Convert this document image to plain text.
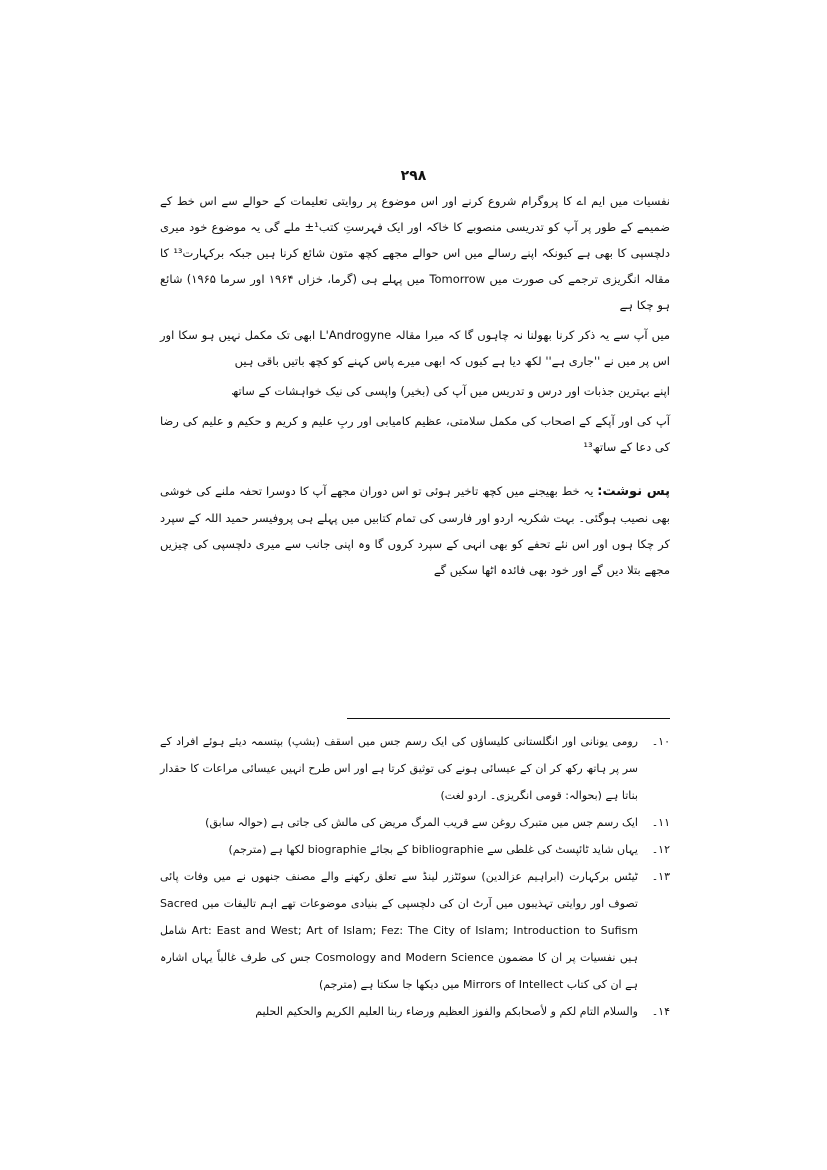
۲۹۸

نفسیات میں ایم اے کا پروگرام شروع کرنے اور اس موضوع پر روایتی تعلیمات کے حوالے سے اس خط کے ضمیمے کے طور پر آپ کو تدریسی منصوبے کا خاکہ اور ایک فہرستِ کتب¹± ملے گی یہ موضوع خود میری دلچسپی کا بھی ہے کیونکہ اپنے رسالے میں اس حوالے مجھے کچھ متون شائع کرنا ہیں جبکہ برکہارت¹³ کا مقالہ انگریزی ترجمے کی صورت میں Tomorrow میں پہلے ہی (گرما، خزاں ۱۹۶۴ اور سرما ۱۹۶۵) شائع ہو چکا ہے

میں آپ سے یہ ذکر کرنا بھولنا نہ چاہوں گا کہ میرا مقالہ L'Androgyne ابھی تک مکمل نہیں ہو سکا اور اس پر میں نے ''جاری ہے'' لکھ دیا ہے کیوں کہ ابھی میرے پاس کہنے کو کچھ باتیں باقی ہیں

اپنے بہترین جذبات اور درس و تدریس میں آپ کی (بخیر) واپسی کی نیک خواہشات کے ساتھ

آپ کی اور آپکے کے اصحاب کی مکمل سلامتی، عظیم کامیابی اور ربِ علیم و کریم و حکیم و علیم کی رضا کی دعا کے ساتھ¹³

پس نوشت: یہ خط بھیجنے میں کچھ تاخیر ہوئی تو اس دوران مجھے آپ کا دوسرا تحفہ ملنے کی خوشی بھی نصیب ہوگئی۔ بہت شکریہ اردو اور فارسی کی تمام کتابیں میں پہلے ہی پروفیسر حمید اللہ کے سپرد کر چکا ہوں اور اس نئے تحفے کو بھی انہی کے سپرد کروں گا وہ اپنی جانب سے میری دلچسپی کی چیزیں مجھے بتلا دیں گے اور خود بھی فائدہ اٹھا سکیں گے
۱۰۔
رومی یونانی اور انگلستانی کلیساؤں کی ایک رسم جس میں اسقف (بشپ) بپتسمہ دیئے ہوئے افراد کے سر پر ہاتھ رکھ کر ان کے عیسائی ہونے کی توثیق کرتا ہے اور اس طرح انہیں عیسائی مراعات کا حقدار بناتا ہے (بحوالہ: قومی انگریزی۔ اردو لغت)
۱۱۔
ایک رسم جس میں متبرک روغن سے قریب المرگ مریض کی مالش کی جاتی ہے (حوالہ سابق)
۱۲۔
یہاں شاید ٹائپسٹ کی غلطی سے bibliographie کے بجائے biographie لکھا ہے (مترجم)
۱۳۔
ٹیٹس برکہارت (ابراہیم عزالدین) سوئٹزر لینڈ سے تعلق رکھنے والے مصنف جنھوں نے میں وفات پائی تصوف اور روایتی تہذیبوں میں آرٹ ان کی دلچسپی کے بنیادی موضوعات تھے اہم تالیفات میں Sacred Art: East and West; Art of Islam; Fez: The City of Islam; Introduction to Sufism شامل ہیں نفسیات پر ان کا مضمون Cosmology and Modern Science جس کی طرف غالباً یہاں اشارہ ہے ان کی کتاب Mirrors of Intellect میں دیکھا جا سکتا ہے (مترجم)
۱۴۔
والسلام التام لکم و لأصحابکم والفوز العظیم ورضاء ربنا العلیم الکریم والحکیم الحلیم
